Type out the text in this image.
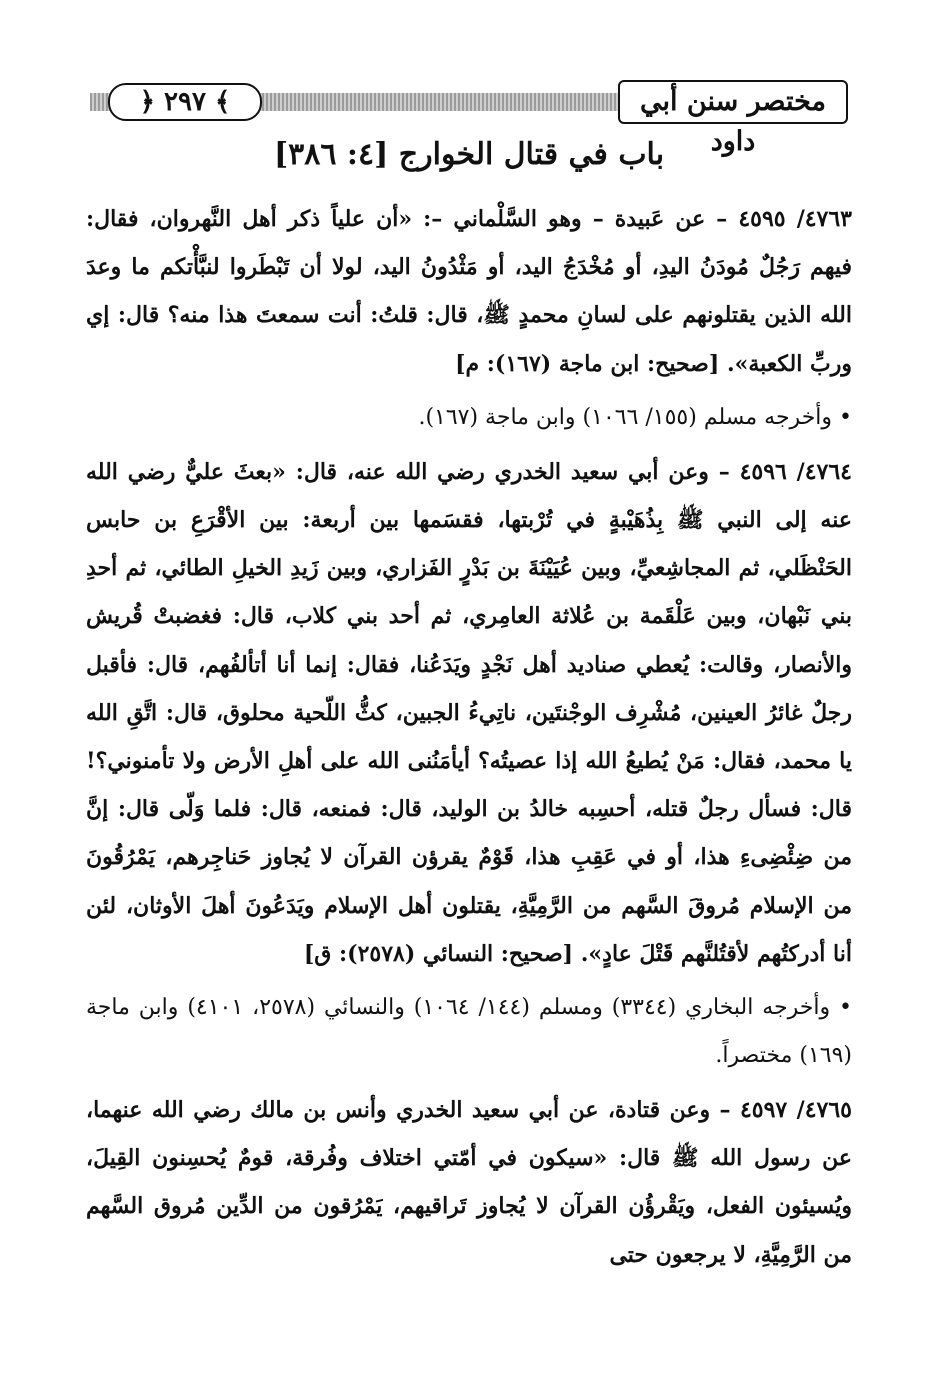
﴿ ٢٩٧ ﴾	مختصر سنن أبي داود
باب في قتال الخوارج [٤: ٣٨٦]

٤٧٦٣/ ٤٥٩٥ – عن عَبيدة – وهو السَّلْماني –: «أن علياً ذكر أهل النَّهروان، فقال: فيهم رَجُلٌ مُودَنُ اليدِ، أو مُخْدَجُ اليد، أو مَثْدُونُ اليد، لولا أن تَبْطَروا لنبَّأْتكم ما وعدَ الله الذين يقتلونهم على لسانِ محمدٍ ﷺ، قال: قلتُ: أنت سمعتَ هذا منه؟ قال: إي وربِّ الكعبة». [صحيح: ابن ماجة (١٦٧): م]

• وأخرجه مسلم (١٥٥/ ١٠٦٦) وابن ماجة (١٦٧).

٤٧٦٤/ ٤٥٩٦ – وعن أبي سعيد الخدري رضي الله عنه، قال: «بعثَ عليٌّ رضي الله عنه إلى النبي ﷺ بِذُهَيْبةٍ في تُرْبتها، فقسَمها بين أربعة: بين الأقْرَعِ بن حابس الحَنْظَلي، ثم المجاشِعيِّ، وبين عُيَيْنَةَ بن بَدْرٍ الفَزاري، وبين زَيدِ الخيلِ الطائي، ثم أحدِ بني نَبْهان، وبين عَلْقَمة بن عُلاثة العامِري، ثم أحد بني كلاب، قال: فغضبتْ قُريش والأنصار، وقالت: يُعطي صناديد أهل نَجْدٍ ويَدَعُنا، فقال: إنما أنا أتألفُهم، قال: فأقبل رجلٌ غائرُ العينين، مُشْرِف الوجْنتَين، ناتِيءُ الجبين، كثُّ اللّحية محلوق، قال: اتَّقِ الله يا محمد، فقال: مَنْ يُطيعُ الله إذا عصيتُه؟ أيأمَنُنى الله على أهلِ الأرض ولا تأمنوني؟! قال: فسأل رجلٌ قتله، أحسِبه خالدُ بن الوليد، قال: فمنعه، قال: فلما وَلّى قال: إنَّ من ضِئْضِىءِ هذا، أو في عَقِبِ هذا، قَوْمٌ يقرؤن القرآن لا يُجاوز حَناجِرهم، يَمْرُقُونَ من الإسلام مُروقَ السَّهم من الرَّمِيَّةِ، يقتلون أهل الإسلام ويَدَعُونَ أهلَ الأوثان، لئن أنا أدركتُهم لأقتُلنَّهم قَتْلَ عادٍ». [صحيح: النسائي (٢٥٧٨): ق]

• وأخرجه البخاري (٣٣٤٤) ومسلم (١٤٤/ ١٠٦٤) والنسائي (٢٥٧٨، ٤١٠١) وابن ماجة (١٦٩) مختصراً.

٤٧٦٥/ ٤٥٩٧ – وعن قتادة، عن أبي سعيد الخدري وأنس بن مالك رضي الله عنهما، عن رسول الله ﷺ قال: «سيكون في أمّتي اختلاف وفُرقة، قومٌ يُحسِنون القِيلَ، ويُسيئون الفعل، ويَقْرؤُن القرآن لا يُجاوز تَراقيهم، يَمْرُقون من الدِّين مُروق السَّهم من الرَّمِيَّةِ، لا يرجعون حتى
